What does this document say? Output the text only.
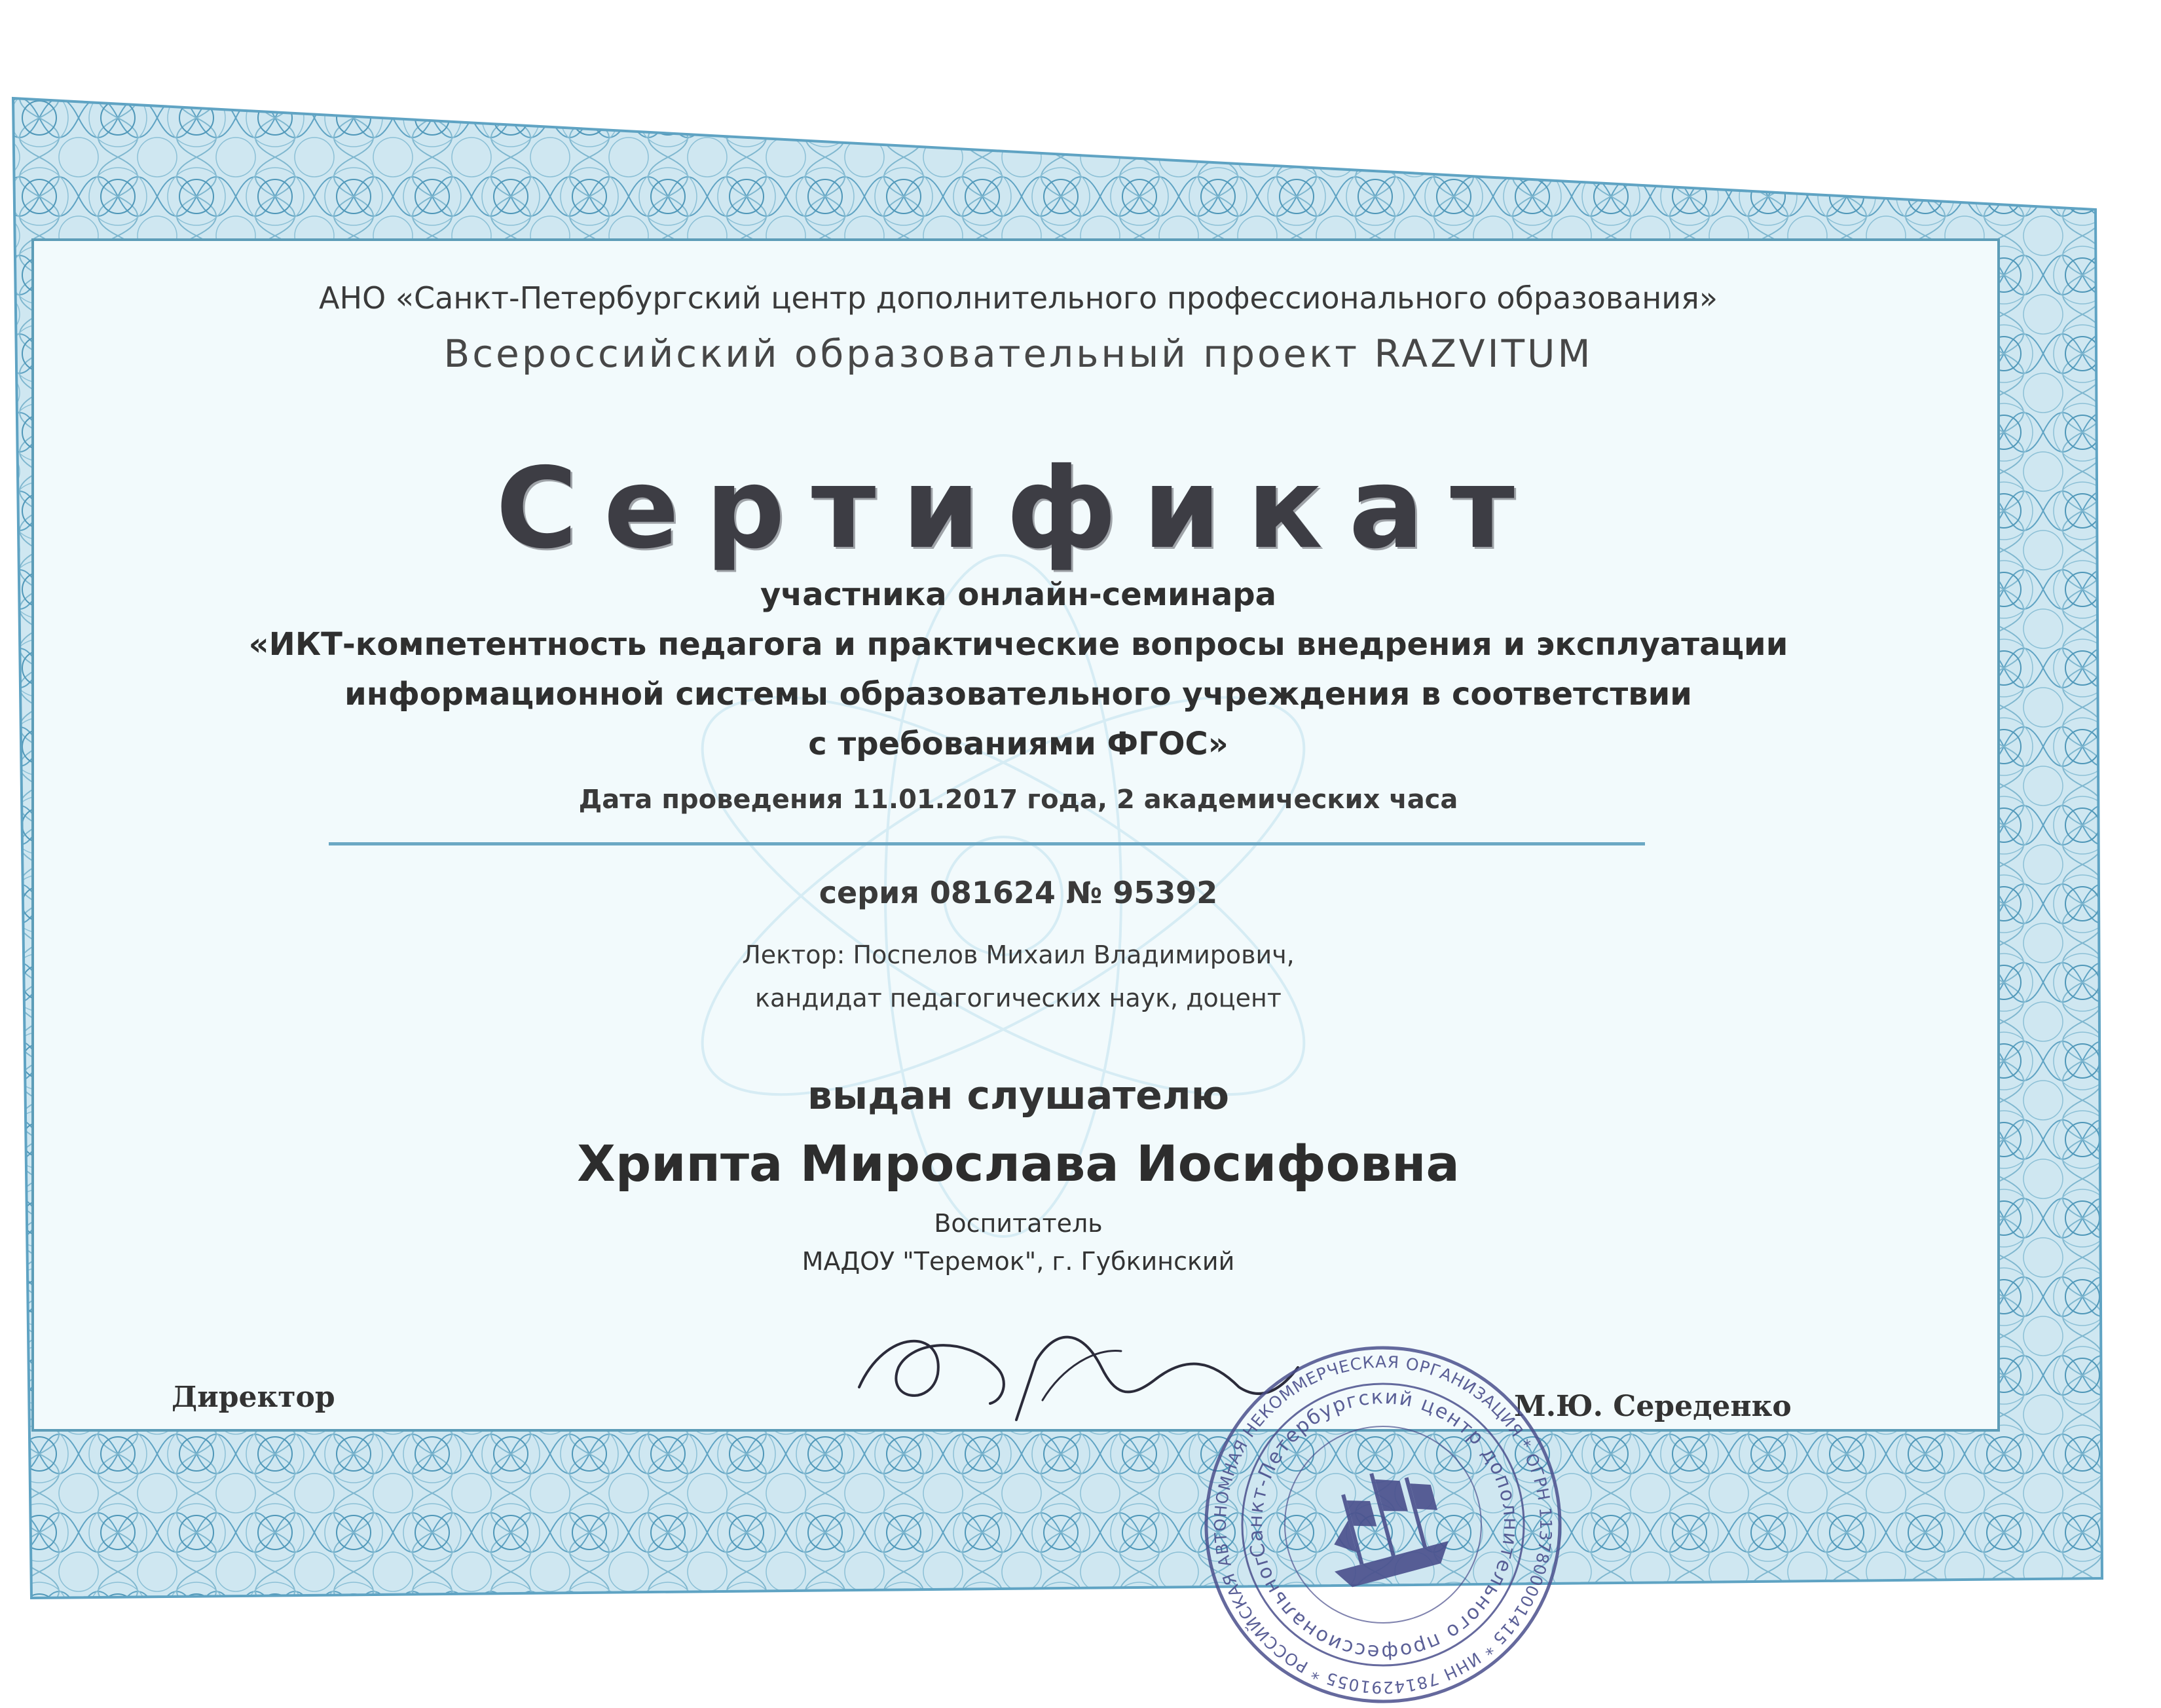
АНО «Санкт-Петербургский центр дополнительного профессионального образования»
Всероссийский образовательный проект RAZVITUM
Сертификат
участника онлайн-семинара
«ИКТ-компетентность педагога и практические вопросы внедрения и эксплуатации
информационной системы образовательного учреждения в соответствии
с требованиями ФГОС»
Дата проведения 11.01.2017 года, 2 академических часа
серия 081624 № 95392
Лектор: Поспелов Михаил Владимирович,
кандидат педагогических наук, доцент
выдан слушателю
Хрипта Мирослава Иосифовна
Воспитатель
МАДОУ "Теремок", г. Губкинский
Директор	М.Ю. Середенко
АВТОНОМНАЯ НЕКОММЕРЧЕСКАЯ ОРГАНИЗАЦИЯ * ОГРН 1137800001415 * ИНН 7814291055 * РОССИЙСКАЯ
Санкт-Петербургский центр дополнительного профессионального
